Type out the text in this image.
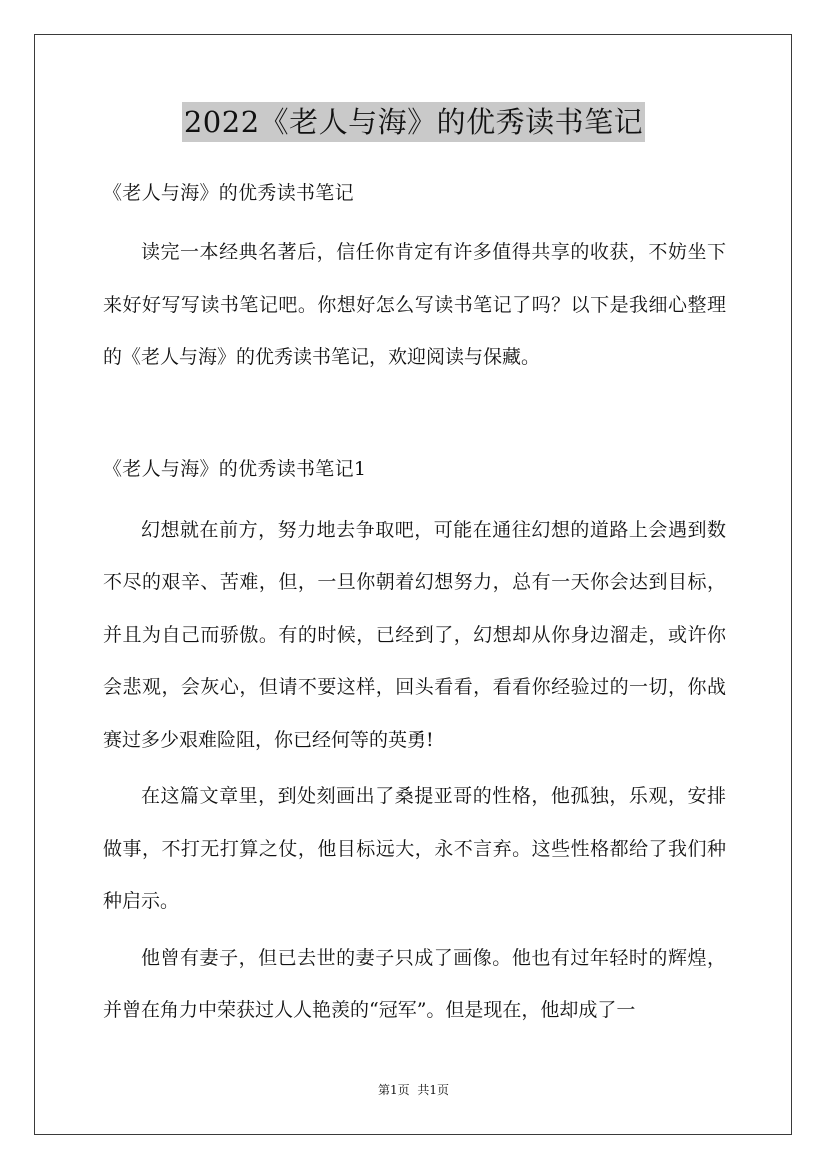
2022《老人与海》的优秀读书笔记

《老人与海》的优秀读书笔记

读完一本经典名著后，信任你肯定有许多值得共享的收获，不妨坐下来好好写写读书笔记吧。你想好怎么写读书笔记了吗？以下是我细心整理的《老人与海》的优秀读书笔记，欢迎阅读与保藏。

《老人与海》的优秀读书笔记1

幻想就在前方，努力地去争取吧，可能在通往幻想的道路上会遇到数不尽的艰辛、苦难，但，一旦你朝着幻想努力，总有一天你会达到目标，并且为自己而骄傲。有的时候，已经到了，幻想却从你身边溜走，或许你会悲观，会灰心，但请不要这样，回头看看，看看你经验过的一切，你战赛过多少艰难险阻，你已经何等的英勇!

在这篇文章里，到处刻画出了桑提亚哥的性格，他孤独，乐观，安排做事，不打无打算之仗，他目标远大，永不言弃。这些性格都给了我们种种启示。

他曾有妻子，但已去世的妻子只成了画像。他也有过年轻时的辉煌，并曾在角力中荣获过人人艳羡的“冠军”。但是现在，他却成了一

第1页 共1页
